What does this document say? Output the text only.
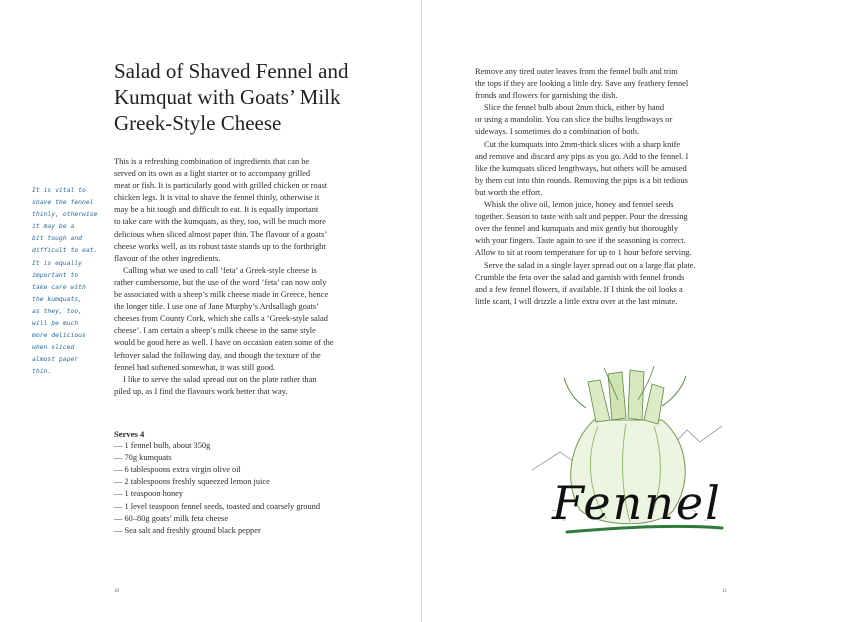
Salad of Shaved Fennel and
Kumquat with Goats’ Milk
Greek-Style Cheese
It is vital to
shave the fennel
thinly, otherwise
it may be a
bit tough and
difficult to eat.
It is equally
important to
take care with
the kumquats,
as they, too,
will be much
more delicious
when sliced
almost paper
thin.

This is a refreshing combination of ingredients that can be
served on its own as a light starter or to accompany grilled
meat or fish. It is particularly good with grilled chicken or roast
chicken legs. It is vital to shave the fennel thinly, otherwise it
may be a bit tough and difficult to eat. It is equally important
to take care with the kumquats, as they, too, will be much more
delicious when sliced almost paper thin. The flavour of a goats’
cheese works well, as its robust taste stands up to the forthright
flavour of the other ingredients.

Calling what we used to call ‘feta’ a Greek-style cheese is
rather cumbersome, but the use of the word ‘feta’ can now only
be associated with a sheep’s milk cheese made in Greece, hence
the longer title. I use one of Jane Murphy’s Ardsallagh goats’
cheeses from County Cork, which she calls a ‘Greek-style salad
cheese’. I am certain a sheep’s milk cheese in the same style
would be good here as well. I have on occasion eaten some of the
leftover salad the following day, and though the texture of the
fennel had softened somewhat, it was still good.

I like to serve the salad spread out on the plate rather than
piled up, as I find the flavours work better that way.

Serves 4

— 1 fennel bulb, about 350g
— 70g kumquats
— 6 tablespoons extra virgin olive oil
— 2 tablespoons freshly squeezed lemon juice
— 1 teaspoon honey
— 1 level teaspoon fennel seeds, toasted and coarsely ground
— 60–80g goats’ milk feta cheese
— Sea salt and freshly ground black pepper
10

Remove any tired outer leaves from the fennel bulb and trim
the tops if they are looking a little dry. Save any feathery fennel
fronds and flowers for garnishing the dish.

Slice the fennel bulb about 2mm thick, either by hand
or using a mandolin. You can slice the bulbs lengthways or
sideways. I sometimes do a combination of both.

Cut the kumquats into 2mm-thick slices with a sharp knife
and remove and discard any pips as you go. Add to the fennel. I
like the kumquats sliced lengthways, but others will be amused
by them cut into thin rounds. Removing the pips is a bit tedious
but worth the effort.

Whisk the olive oil, lemon juice, honey and fennel seeds
together. Season to taste with salt and pepper. Pour the dressing
over the fennel and kumquats and mix gently but thoroughly
with your fingers. Taste again to see if the seasoning is correct.
Allow to sit at room temperature for up to 1 hour before serving.

Serve the salad in a single layer spread out on a large flat plate.
Crumble the feta over the salad and garnish with fennel fronds
and a few fennel flowers, if available. If I think the oil looks a
little scant, I will drizzle a little extra over at the last minute.

Fennel
11
